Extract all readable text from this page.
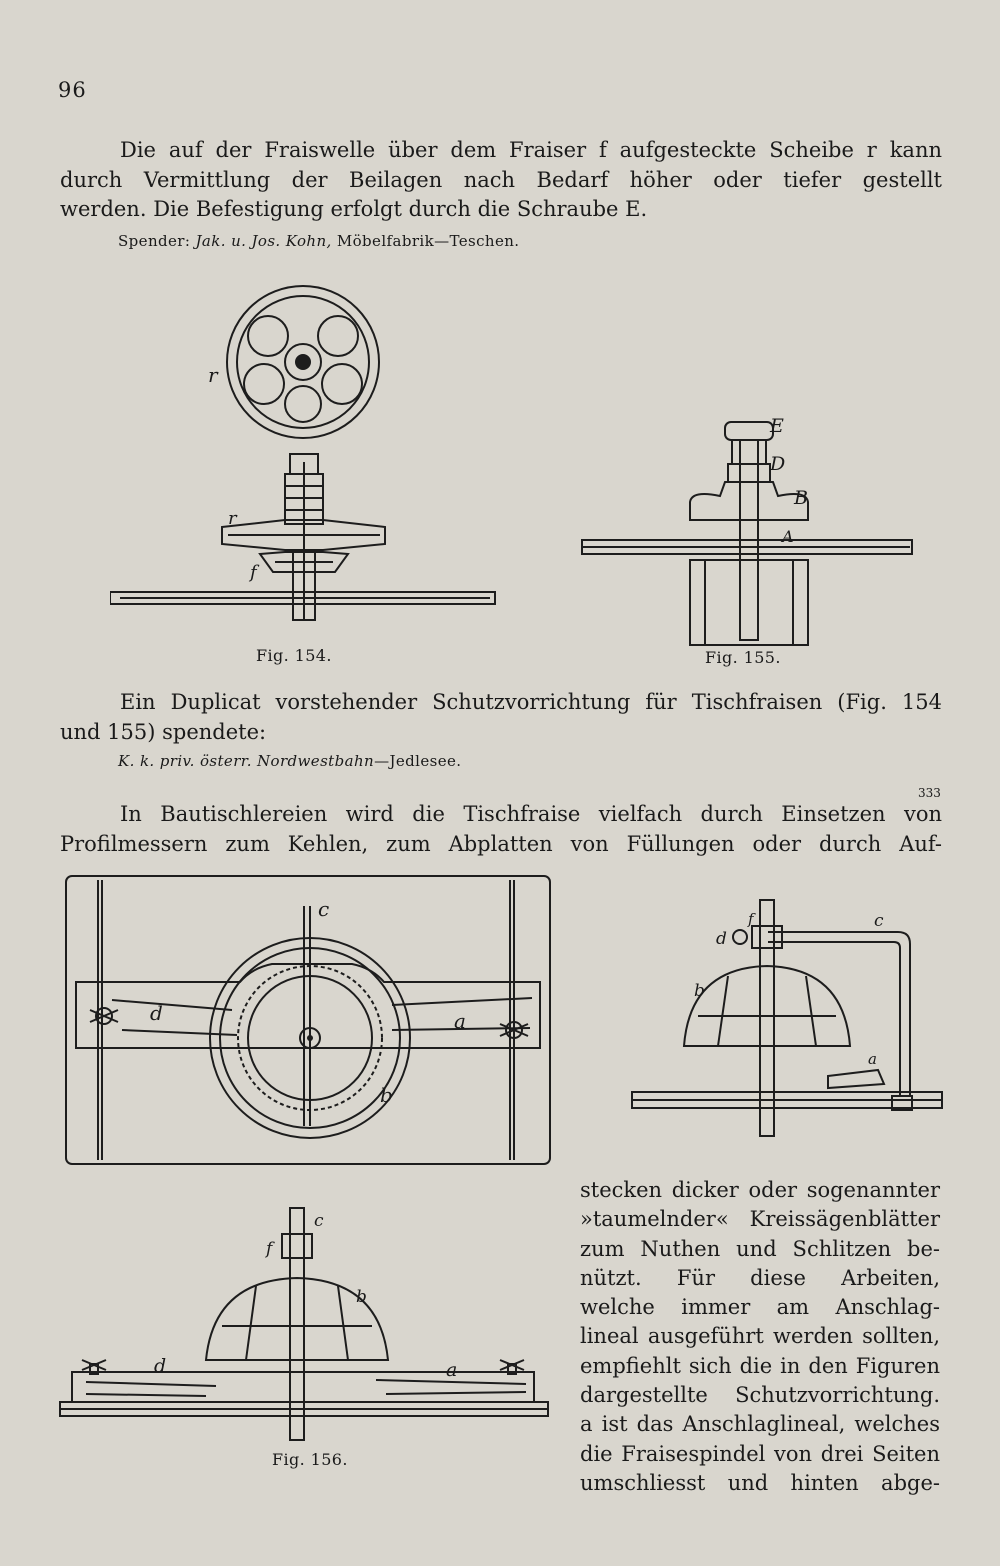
96
Die auf der Fraiswelle über dem Fraiser f aufgesteckte Scheibe r kann
durch Vermittlung der Beilagen nach Bedarf höher oder tiefer gestellt
werden. Die Befestigung erfolgt durch die Schraube E.
Spender: Jak. u. Jos. Kohn, Möbelfabrik—Teschen.
r
r
f
Fig. 154.
E
D
B
A
Fig. 155.
Ein Duplicat vorstehender Schutzvorrichtung für Tischfraisen (Fig. 154
und 155) spendete:
K. k. priv. österr. Nordwestbahn—Jedlesee.
333
In Bautischlereien wird die Tischfraise vielfach durch Einsetzen von
Profilmessern zum Kehlen, zum Abplatten von Füllungen oder durch Auf-
c
d	a
b
d
f	c
b
a
c
f
b
d	a
Fig. 156.
stecken dicker oder sogenannter
»taumelnder« Kreissägenblätter
zum Nuthen und Schlitzen be-
nützt. Für diese Arbeiten,
welche immer am Anschlag-
lineal ausgeführt werden sollten,
empfiehlt sich die in den Figuren
dargestellte Schutzvorrichtung.
a ist das Anschlaglineal, welches
die Fraisespindel von drei Seiten
umschliesst und hinten abge-
